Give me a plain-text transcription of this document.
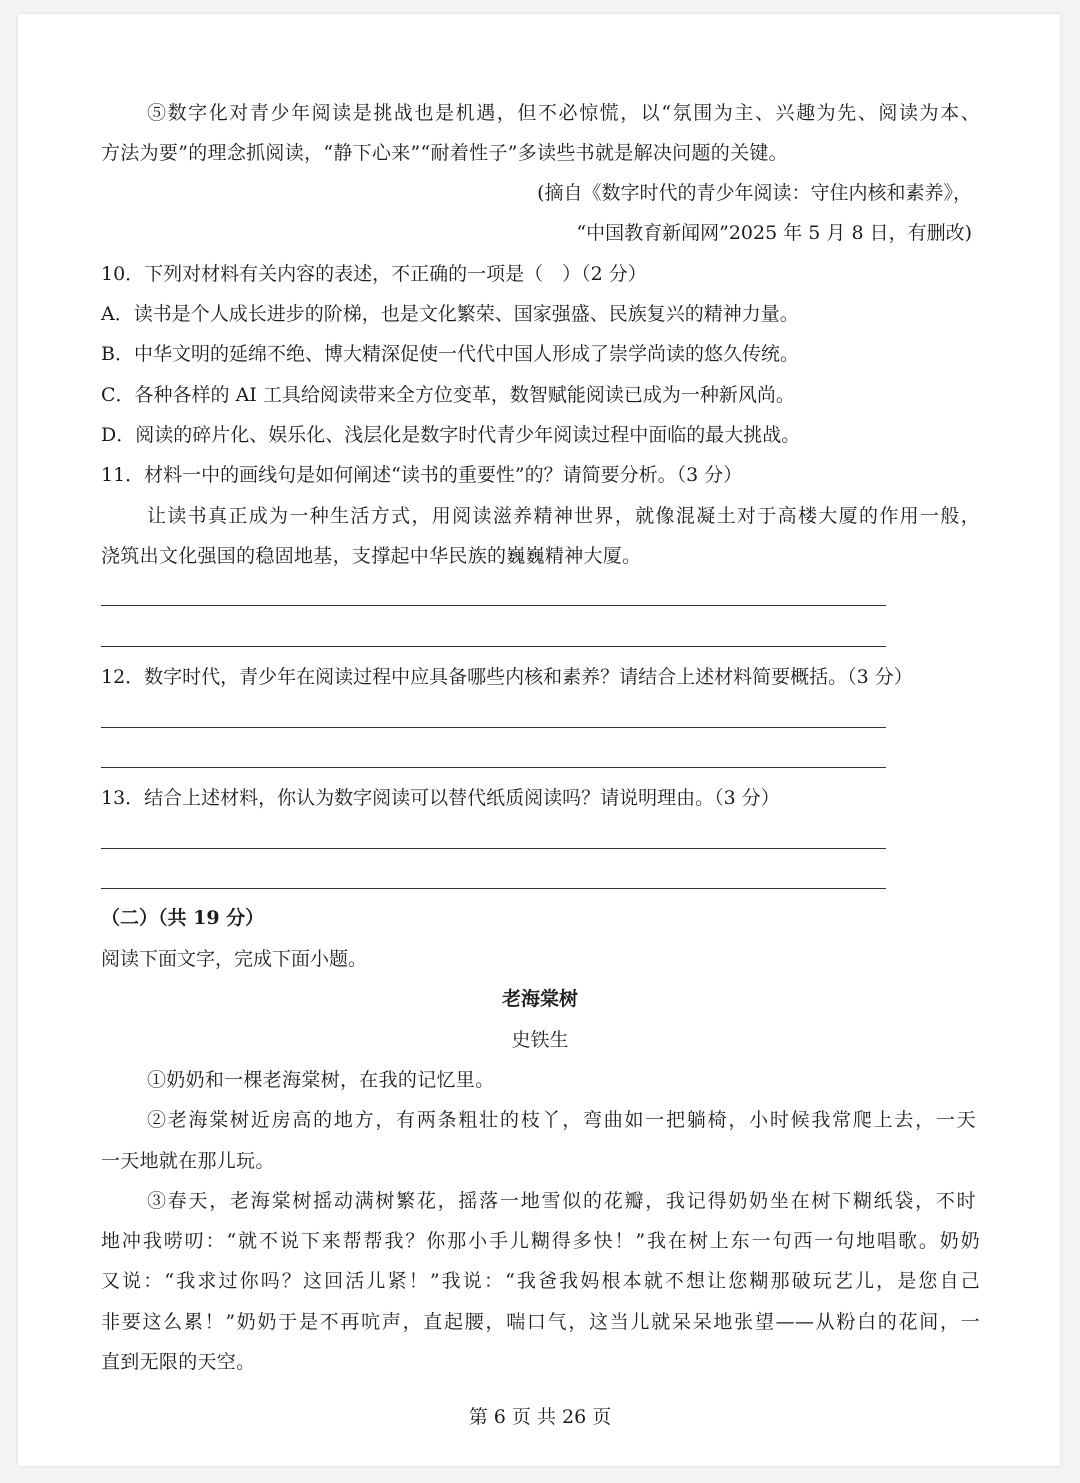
⑤数字化对青少年阅读是挑战也是机遇，但不必惊慌，以“氛围为主、兴趣为先、阅读为本、
方法为要”的理念抓阅读，“静下心来”“耐着性子”多读些书就是解决问题的关键。
(摘自《数字时代的青少年阅读：守住内核和素养》，
“中国教育新闻网”2025 年 5 月 8 日，有删改)
10．下列对材料有关内容的表述，不正确的一项是（　）（2 分）
A．读书是个人成长进步的阶梯，也是文化繁荣、国家强盛、民族复兴的精神力量。
B．中华文明的延绵不绝、博大精深促使一代代中国人形成了崇学尚读的悠久传统。
C．各种各样的 AI 工具给阅读带来全方位变革，数智赋能阅读已成为一种新风尚。
D．阅读的碎片化、娱乐化、浅层化是数字时代青少年阅读过程中面临的最大挑战。
11．材料一中的画线句是如何阐述“读书的重要性”的？请简要分析。（3 分）
让读书真正成为一种生活方式，用阅读滋养精神世界，就像混凝土对于高楼大厦的作用一般，
浇筑出文化强国的稳固地基，支撑起中华民族的巍巍精神大厦。
12．数字时代，青少年在阅读过程中应具备哪些内核和素养？请结合上述材料简要概括。（3 分）
13．结合上述材料，你认为数字阅读可以替代纸质阅读吗？请说明理由。（3 分）
（二）（共 19 分）
阅读下面文字，完成下面小题。
老海棠树
史铁生
①奶奶和一棵老海棠树，在我的记忆里。
②老海棠树近房高的地方，有两条粗壮的枝丫，弯曲如一把躺椅，小时候我常爬上去，一天
一天地就在那儿玩。
③春天，老海棠树摇动满树繁花，摇落一地雪似的花瓣，我记得奶奶坐在树下糊纸袋，不时
地冲我唠叨：“就不说下来帮帮我？你那小手儿糊得多快！”我在树上东一句西一句地唱歌。奶奶
又说：“我求过你吗？这回活儿紧！”我说：“我爸我妈根本就不想让您糊那破玩艺儿，是您自己
非要这么累！”奶奶于是不再吭声，直起腰，喘口气，这当儿就呆呆地张望——从粉白的花间，一
直到无限的天空。
第 6 页 共 26 页
